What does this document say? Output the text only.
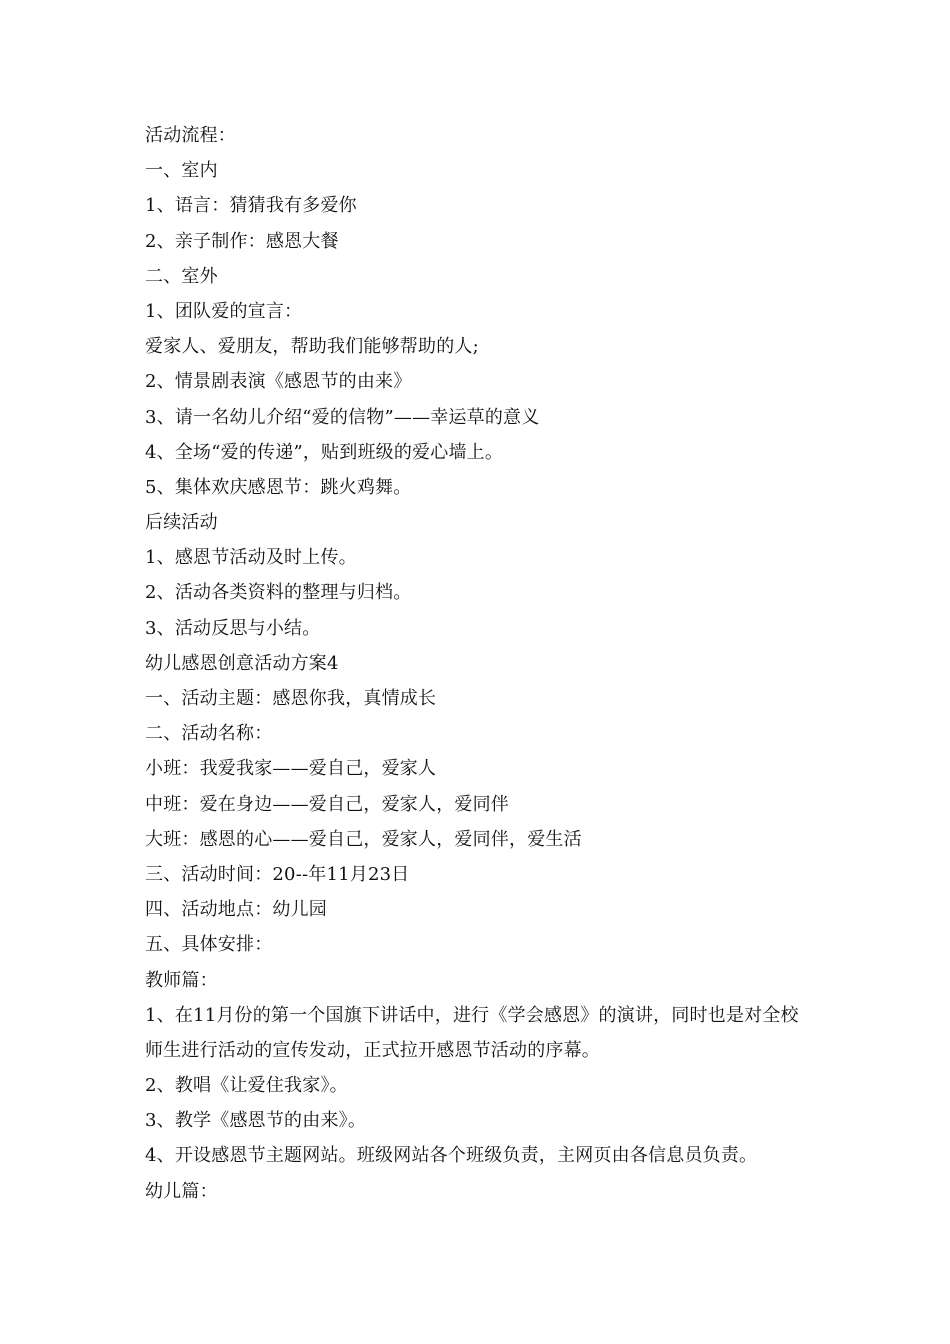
活动流程：
一、室内
1、语言：猜猜我有多爱你
2、亲子制作：感恩大餐
二、室外
1、团队爱的宣言：
爱家人、爱朋友，帮助我们能够帮助的人;
2、情景剧表演《感恩节的由来》
3、请一名幼儿介绍“爱的信物”——幸运草的意义
4、全场“爱的传递”，贴到班级的爱心墙上。
5、集体欢庆感恩节：跳火鸡舞。
后续活动
1、感恩节活动及时上传。
2、活动各类资料的整理与归档。
3、活动反思与小结。
幼儿感恩创意活动方案4
一、活动主题：感恩你我，真情成长
二、活动名称：
小班：我爱我家——爱自己，爱家人
中班：爱在身边——爱自己，爱家人，爱同伴
大班：感恩的心——爱自己，爱家人，爱同伴，爱生活
三、活动时间：20--年11月23日
四、活动地点：幼儿园
五、具体安排：
教师篇：
1、在11月份的第一个国旗下讲话中，进行《学会感恩》的演讲，同时也是对全校师生进行活动的宣传发动，正式拉开感恩节活动的序幕。
2、教唱《让爱住我家》。
3、教学《感恩节的由来》。
4、开设感恩节主题网站。班级网站各个班级负责，主网页由各信息员负责。
幼儿篇：
